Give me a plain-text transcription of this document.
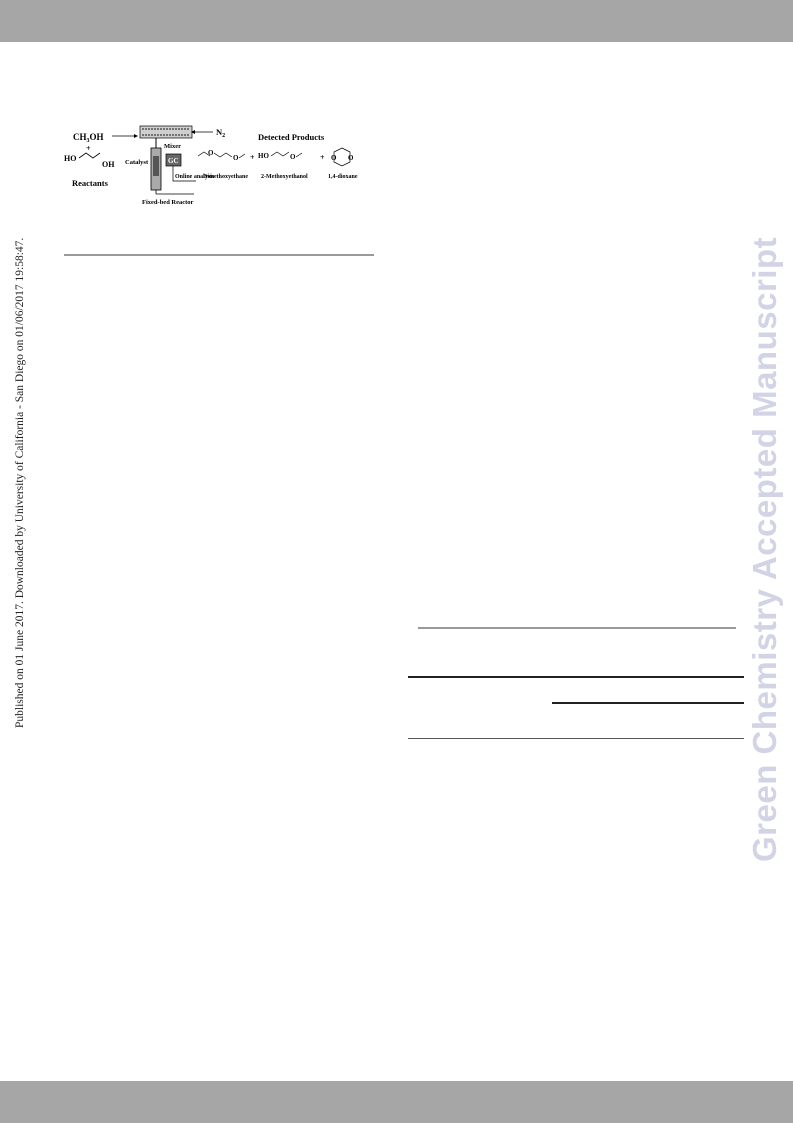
Published on 01 June 2017. Downloaded by University of California - San Diego on 01/06/2017 19:58:47.	Green Chemistry Accepted Manuscript
$CH_3OH$
+
HO
OH
Reactants
$N_2$
Mixer
Catalyst	GC
Online analysis
Fixed-bed Reactor
Detected Products
O
O
Dimethoxyethane
+ HO	O
2-Methoxyethanol
+ O O
1,4-dioxane
